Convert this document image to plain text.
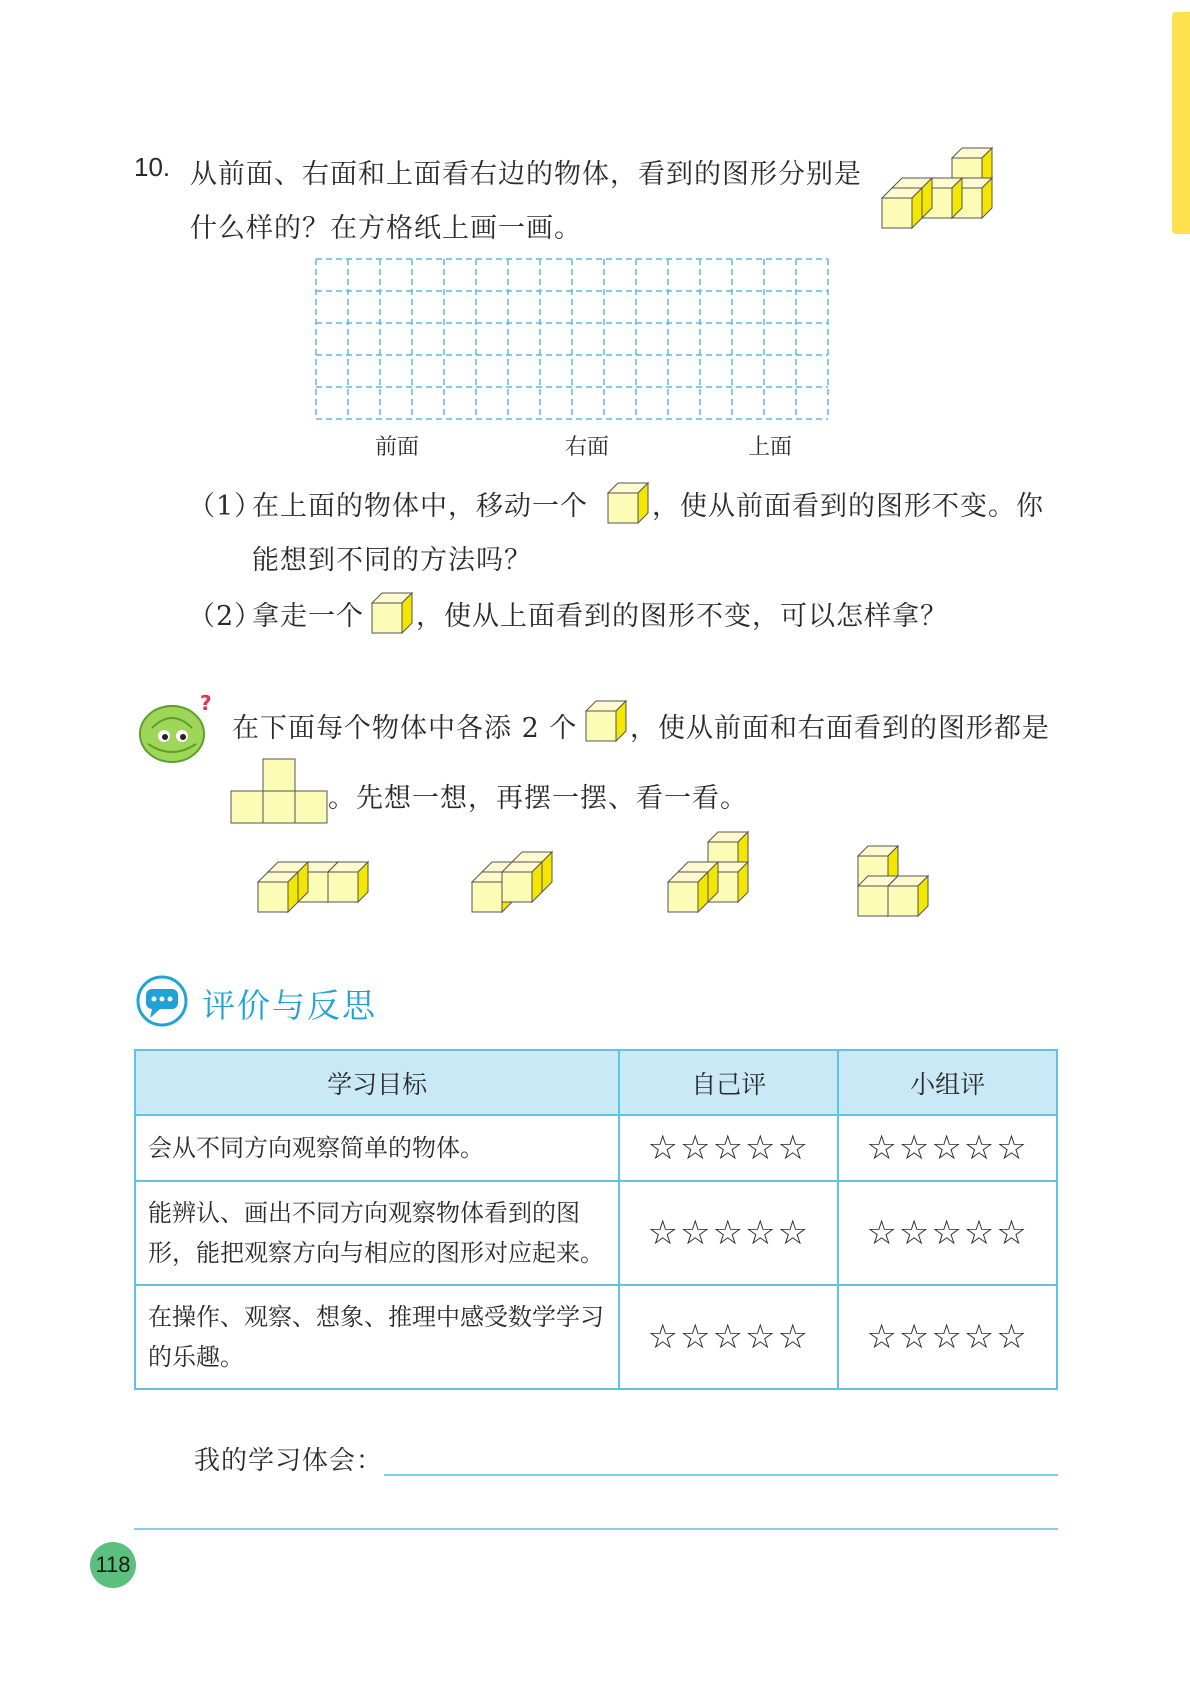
10. 从前面、右面和上面看右边的物体，看到的图形分别是
什么样的？在方格纸上画一画。
前面	右面	上面
（1）
在上面的物体中，移动一个 ，使从前面看到的图形不变。你
能想到不同的方法吗？
（2）
拿走一个 ，使从上面看到的图形不变，可以怎样拿？
?
在下面每个物体中各添 2 个 ，使从前面和右面看到的图形都是
。先想一想，再摆一摆、看一看。
评价与反思
学习目标	自己评	小组评
会从不同方向观察简单的物体。	☆☆☆☆☆	☆☆☆☆☆
能辨认、画出不同方向观察物体看到的图形，能把观察方向与相应的图形对应起来。	☆☆☆☆☆	☆☆☆☆☆
在操作、观察、想象、推理中感受数学学习的乐趣。	☆☆☆☆☆	☆☆☆☆☆
我的学习体会：
118
